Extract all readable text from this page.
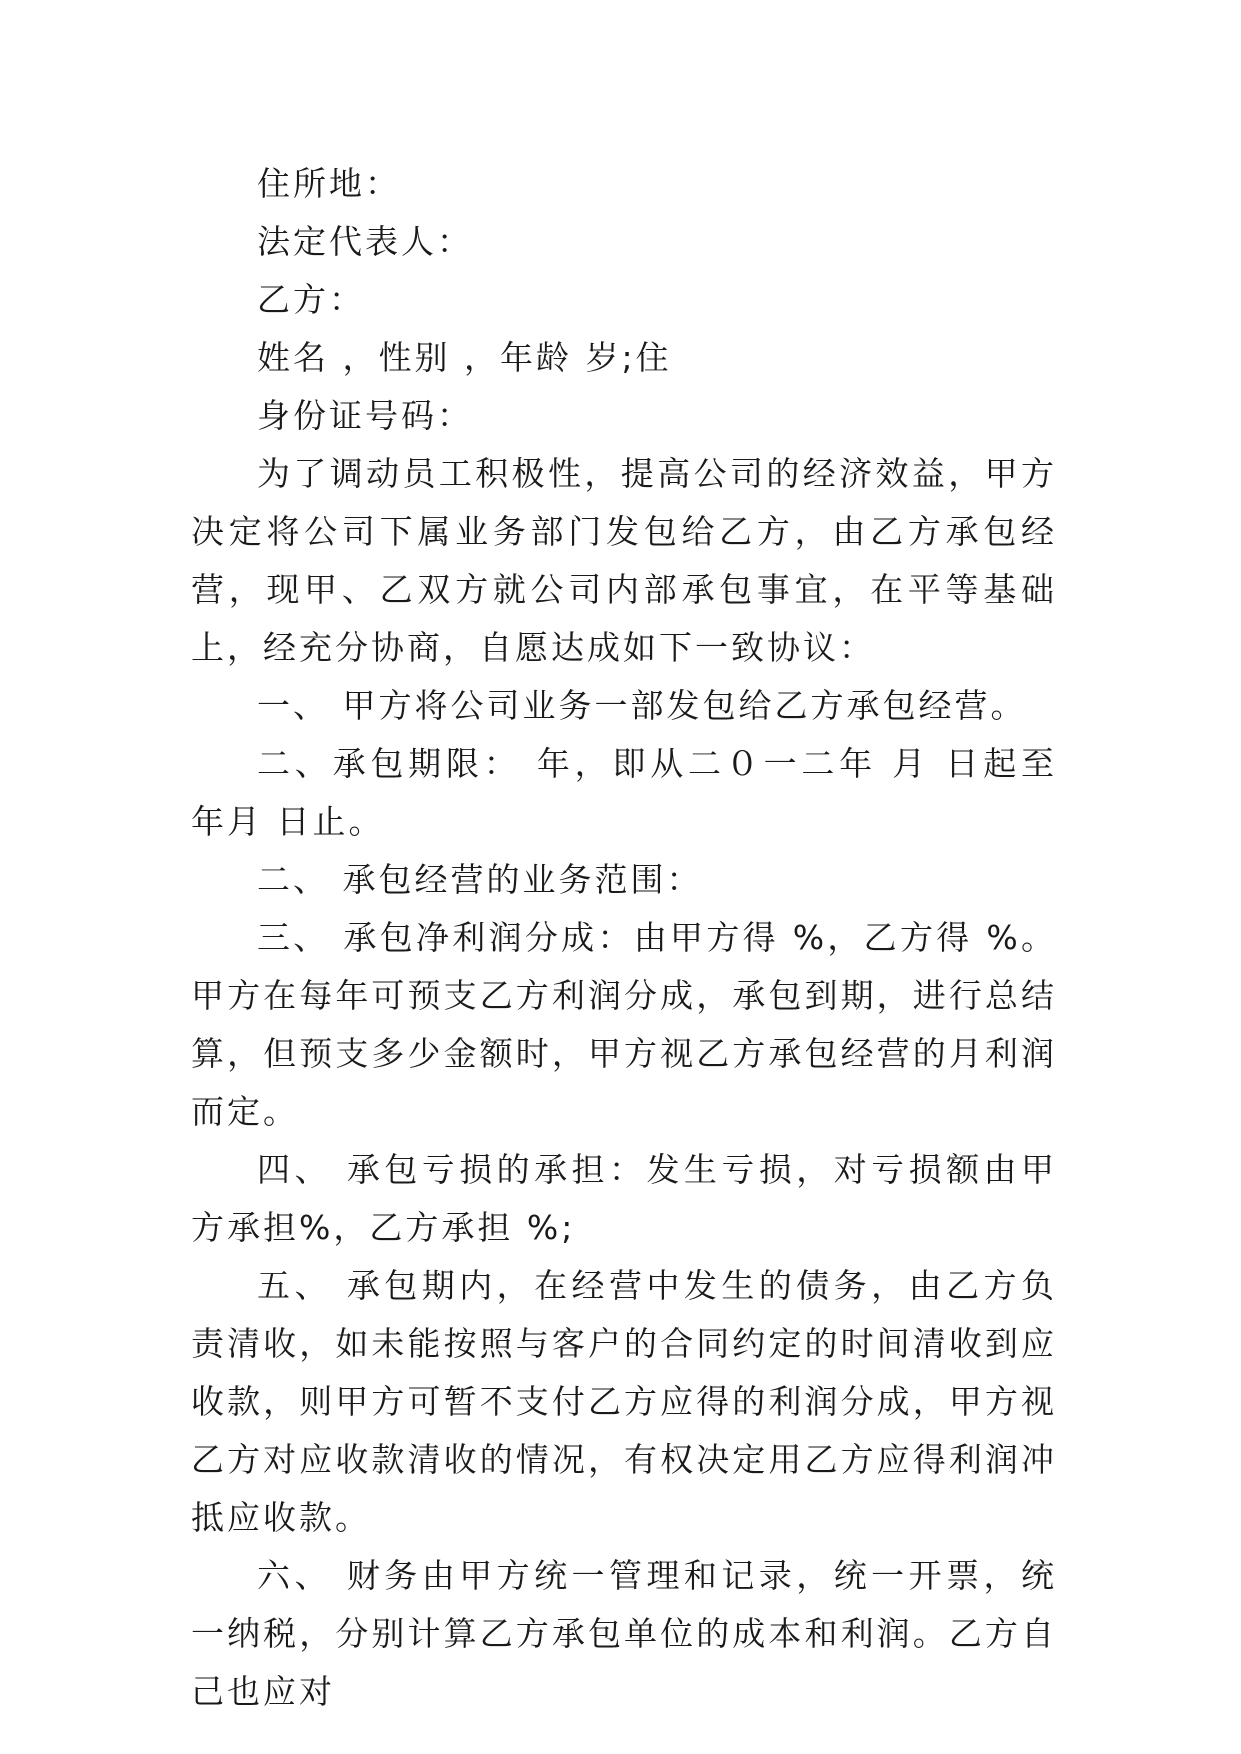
住所地：

法定代表人：

乙方：

姓名 ，性别 ，年龄 岁;住

身份证号码：

为了调动员工积极性，提高公司的经济效益，甲方决定将公司下属业务部门发包给乙方，由乙方承包经营，现甲、乙双方就公司内部承包事宜，在平等基础上，经充分协商，自愿达成如下一致协议：

一、 甲方将公司业务一部发包给乙方承包经营。

二、承包期限： 年，即从二０一二年 月 日起至 年月 日止。

二、 承包经营的业务范围：

三、 承包净利润分成：由甲方得 %，乙方得 %。甲方在每年可预支乙方利润分成，承包到期，进行总结算，但预支多少金额时，甲方视乙方承包经营的月利润而定。

四、 承包亏损的承担：发生亏损，对亏损额由甲方承担%，乙方承担 %;

五、 承包期内，在经营中发生的债务，由乙方负责清收，如未能按照与客户的合同约定的时间清收到应收款，则甲方可暂不支付乙方应得的利润分成，甲方视乙方对应收款清收的情况，有权决定用乙方应得利润冲抵应收款。

六、 财务由甲方统一管理和记录，统一开票，统一纳税，分别计算乙方承包单位的成本和利润。乙方自己也应对
